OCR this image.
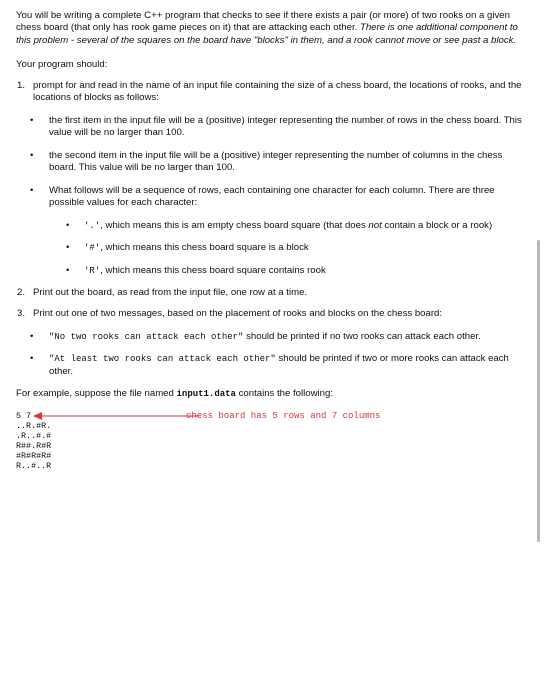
You will be writing a complete C++ program that checks to see if there exists a pair (or more) of two rooks on a given chess board (that only has rook game pieces on it) that are attacking each other. There is one additional component to this problem - several of the squares on the board have "blocks" in them, and a rook cannot move or see past a block.

Your program should:

1. prompt for and read in the name of an input file containing the size of a chess board, the locations of rooks, and the locations of blocks as follows:
• the first item in the input file will be a (positive) integer representing the number of rows in the chess board. This value will be no larger than 100.
• the second item in the input file will be a (positive) integer representing the number of columns in the chess board. This value will be no larger than 100.
• What follows will be a sequence of rows, each containing one character for each column. There are three possible values for each character:
• '.', which means this is am empty chess board square (that does not contain a block or a rook)
• '#', which means this chess board square is a block
• 'R', which means this chess board square contains rook
2. Print out the board, as read from the input file, one row at a time.
3. Print out one of two messages, based on the placement of rooks and blocks on the chess board:
• "No two rooks can attack each other" should be printed if no two rooks can attack each other.
• "At least two rooks can attack each other" should be printed if two or more rooks can attack each other.

For example, suppose the file named input1.data contains the following:

5 7
..R.#R.
.R..#.#
R##.R#R
#R#R#R#
R..#..R
chess board has 5 rows and 7 columns
